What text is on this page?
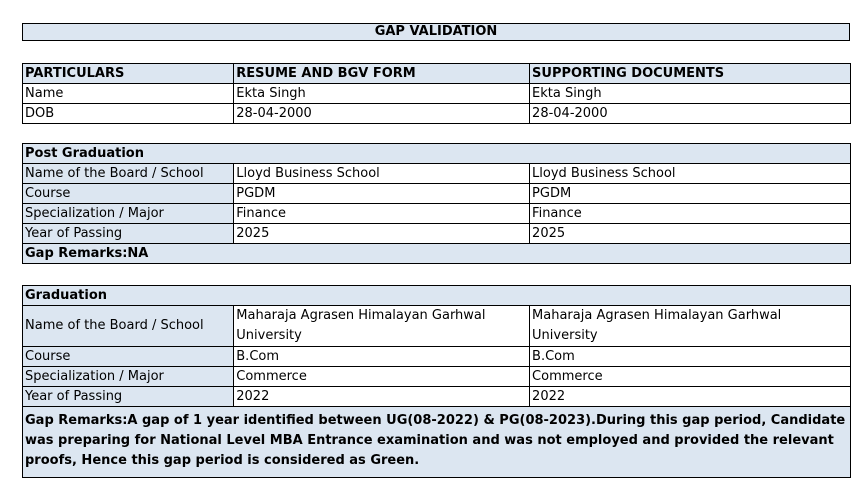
GAP VALIDATION
PARTICULARS	RESUME AND BGV FORM	SUPPORTING DOCUMENTS
Name	Ekta Singh	Ekta Singh
DOB	28-04-2000	28-04-2000
Post Graduation		
Name of the Board / School	Lloyd Business School	Lloyd Business School
Course	PGDM	PGDM
Specialization / Major	Finance	Finance
Year of Passing	2025	2025
Gap Remarks:NA		
Graduation		
Name of the Board / School	Maharaja Agrasen Himalayan Garhwal University	Maharaja Agrasen Himalayan Garhwal University
Course	B.Com	B.Com
Specialization / Major	Commerce	Commerce
Year of Passing	2022	2022
Gap Remarks:A gap of 1 year identified between UG(08-2022) & PG(08-2023).During this gap period, Candidate was preparing for National Level MBA Entrance examination and was not employed and provided the relevant proofs, Hence this gap period is considered as Green.		
